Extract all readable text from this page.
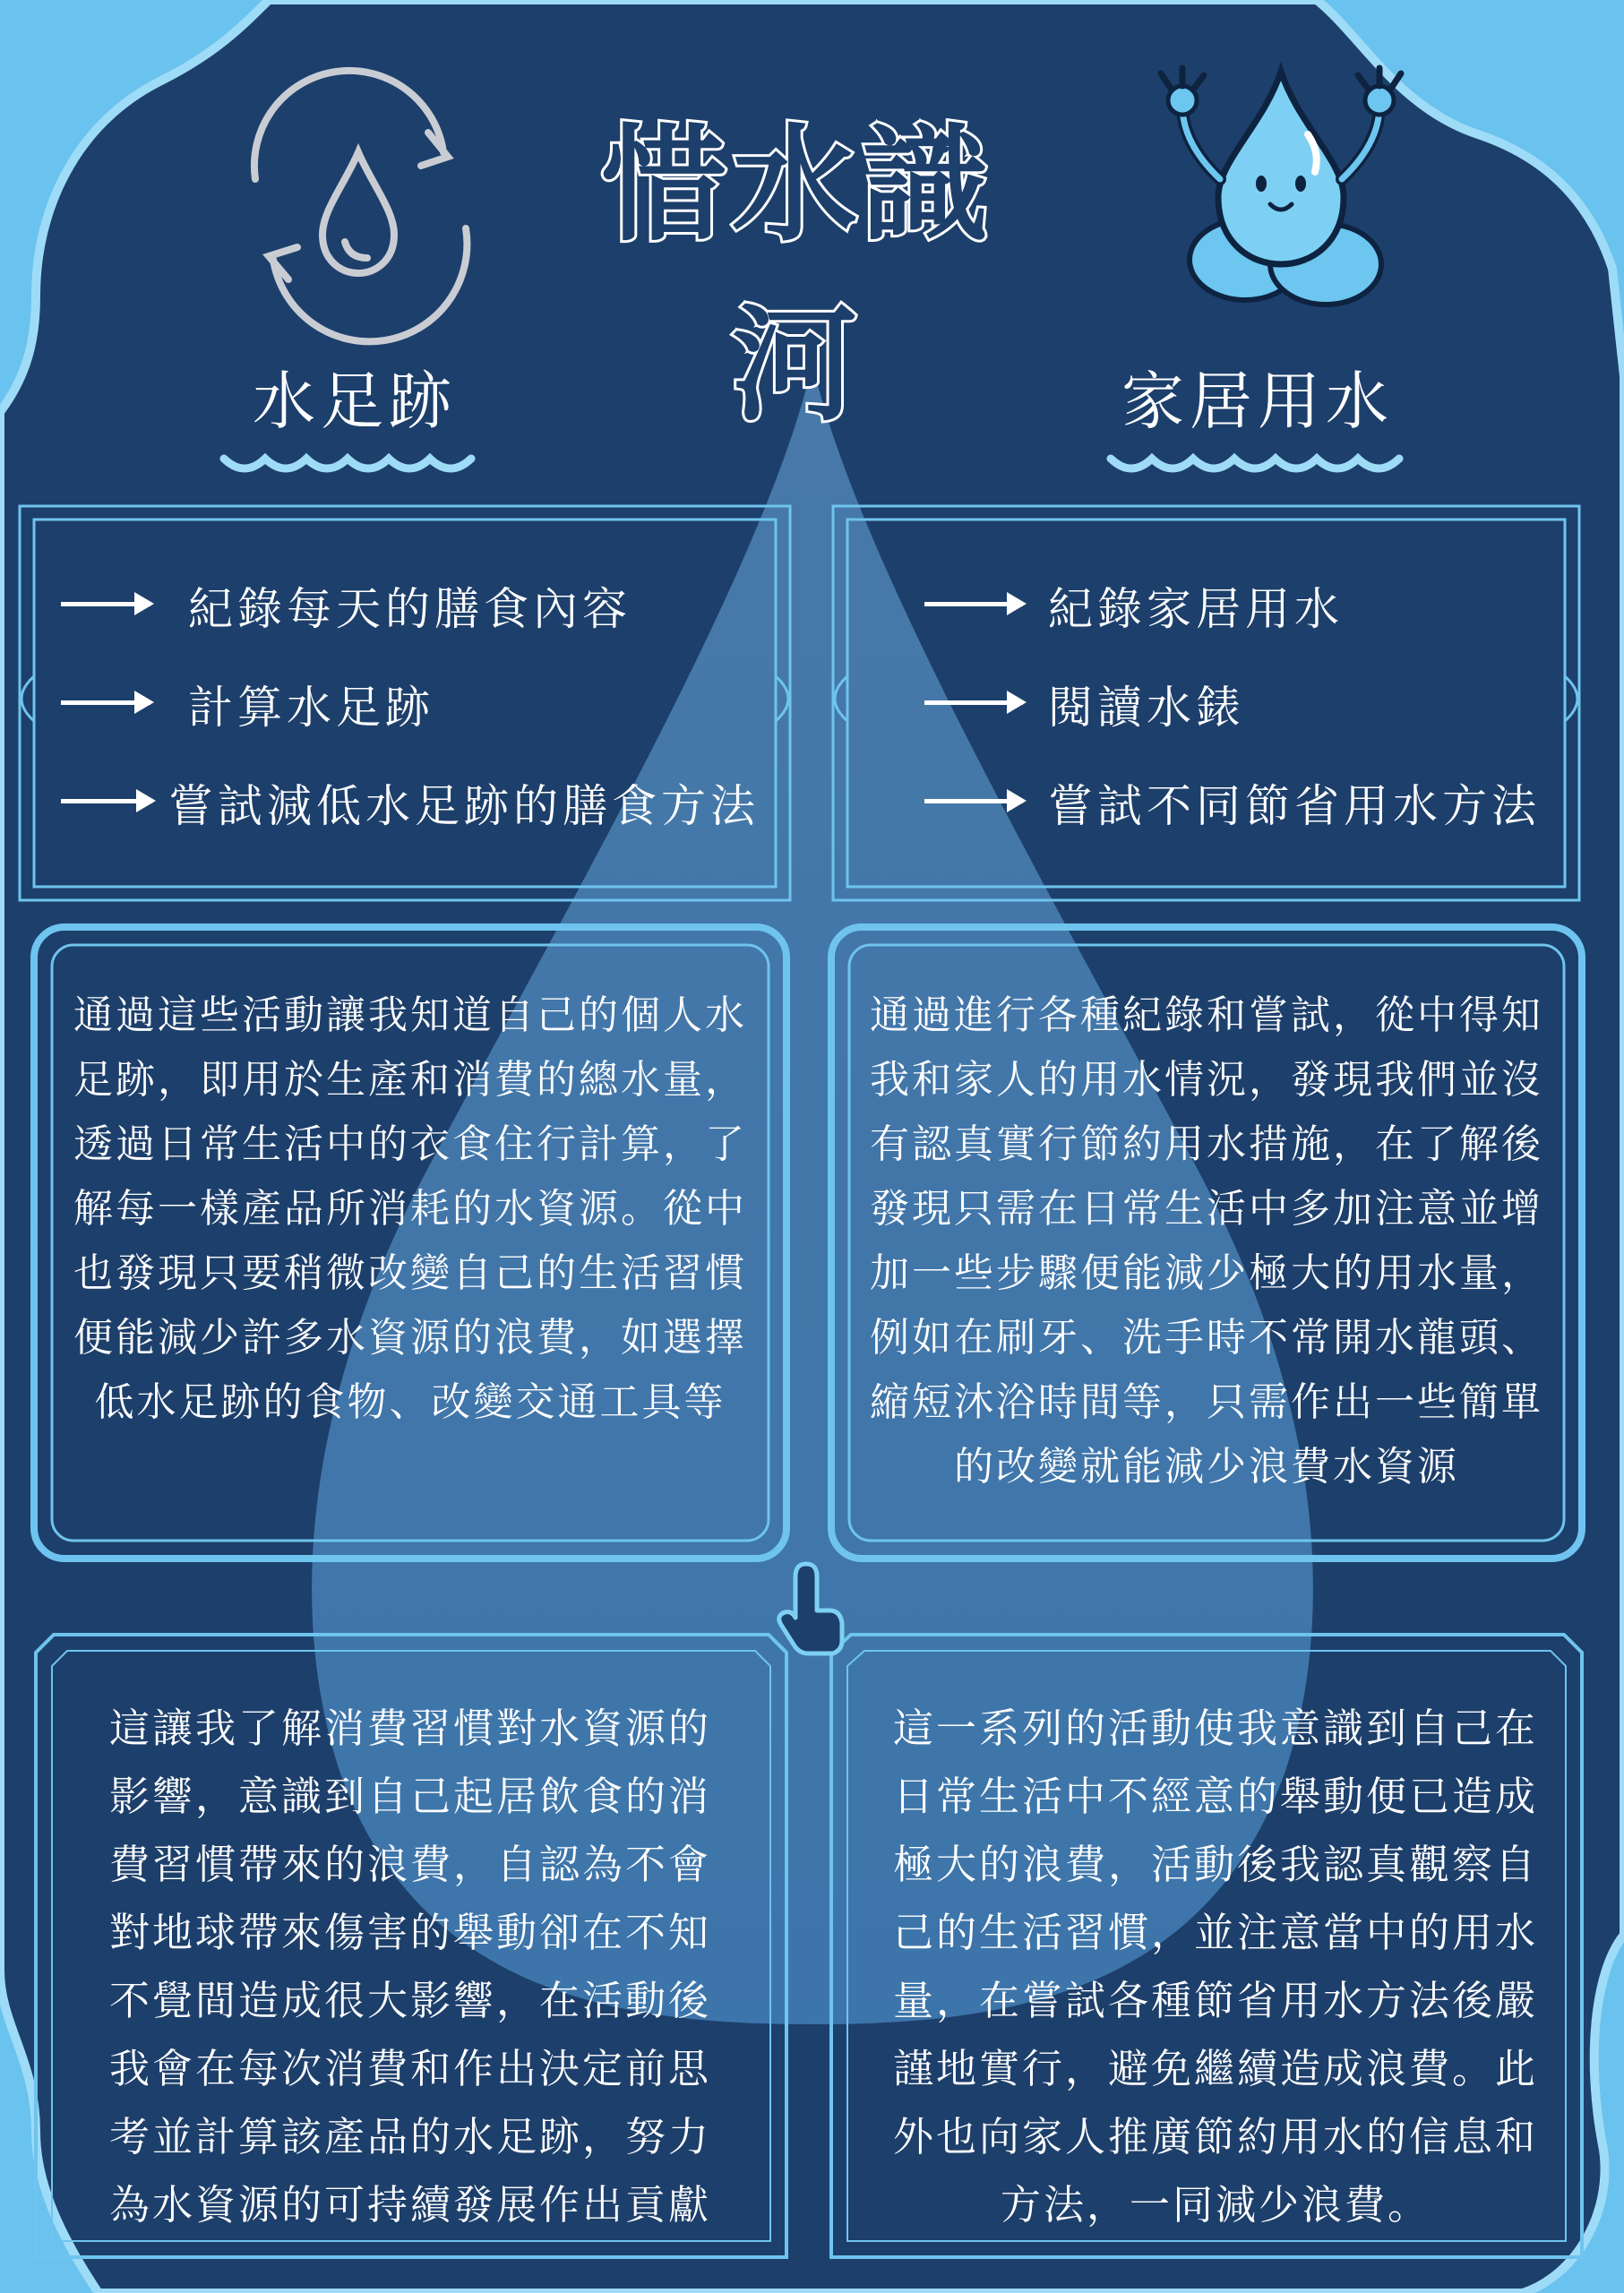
惜水識河
水足跡	家居用水
紀錄每天的膳食內容
計算水足跡
嘗試減低水足跡的膳食方法
紀錄家居用水
閱讀水錶
嘗試不同節省用水方法
通過這些活動讓我知道自己的個人水
足跡，即用於生產和消費的總水量，
透過日常生活中的衣食住行計算，了
解每一樣產品所消耗的水資源。從中
也發現只要稍微改變自己的生活習慣
便能減少許多水資源的浪費，如選擇
低水足跡的食物、改變交通工具等
通過進行各種紀錄和嘗試，從中得知
我和家人的用水情況，發現我們並沒
有認真實行節約用水措施，在了解後
發現只需在日常生活中多加注意並增
加一些步驟便能減少極大的用水量，
例如在刷牙、洗手時不常開水龍頭、
縮短沐浴時間等，只需作出一些簡單
的改變就能減少浪費水資源
這讓我了解消費習慣對水資源的
影響，意識到自己起居飲食的消
費習慣帶來的浪費，自認為不會
對地球帶來傷害的舉動卻在不知
不覺間造成很大影響，在活動後
我會在每次消費和作出決定前思
考並計算該產品的水足跡，努力
為水資源的可持續發展作出貢獻
這一系列的活動使我意識到自己在
日常生活中不經意的舉動便已造成
極大的浪費，活動後我認真觀察自
己的生活習慣，並注意當中的用水
量，在嘗試各種節省用水方法後嚴
謹地實行，避免繼續造成浪費。此
外也向家人推廣節約用水的信息和
方法，一同減少浪費。
